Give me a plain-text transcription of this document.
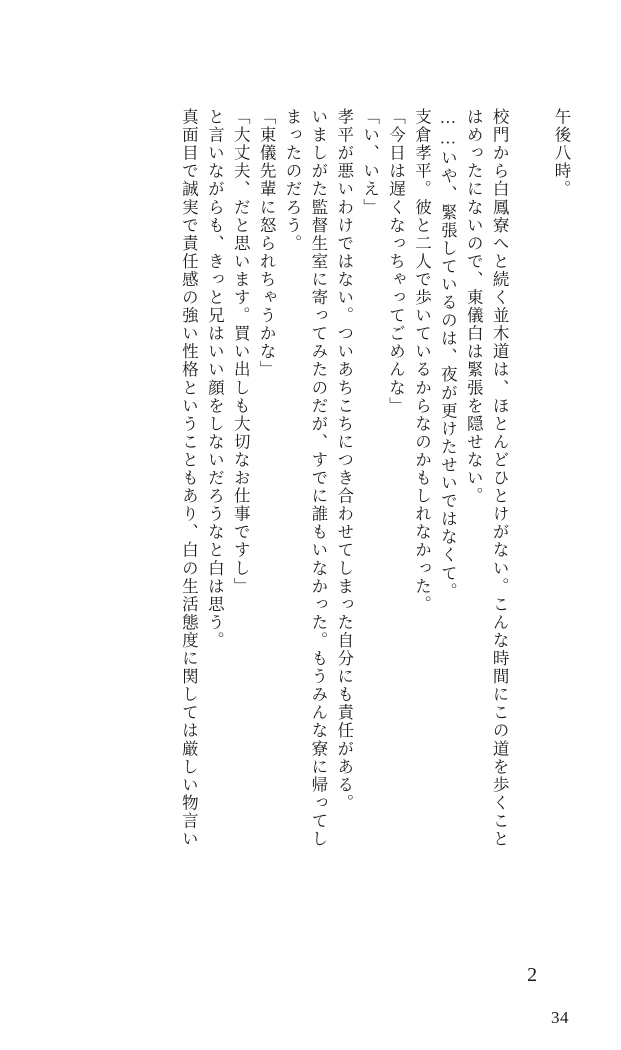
午後八時。
2
校門から白鳳寮へと続く並木道は、ほとんどひとけがない。こんな時間にこの道を歩くこと
はめったにないので、東儀白は緊張を隠せない。
……いや、緊張しているのは、夜が更けたせいではなくて。
支倉孝平。彼と二人で歩いているからなのかもしれなかった。
「今日は遅くなっちゃってごめんな」
「い、いえ」
孝平が悪いわけではない。ついあちこちにつき合わせてしまった自分にも責任がある。
いましがた監督生室に寄ってみたのだが、すでに誰もいなかった。もうみんな寮に帰ってし
まったのだろう。
「東儀先輩に怒られちゃうかな」
「大丈夫、だと思います。買い出しも大切なお仕事ですし」
と言いながらも、きっと兄はいい顔をしないだろうなと白は思う。
真面目で誠実で責任感の強い性格ということもあり、白の生活態度に関しては厳しい物言い
34
